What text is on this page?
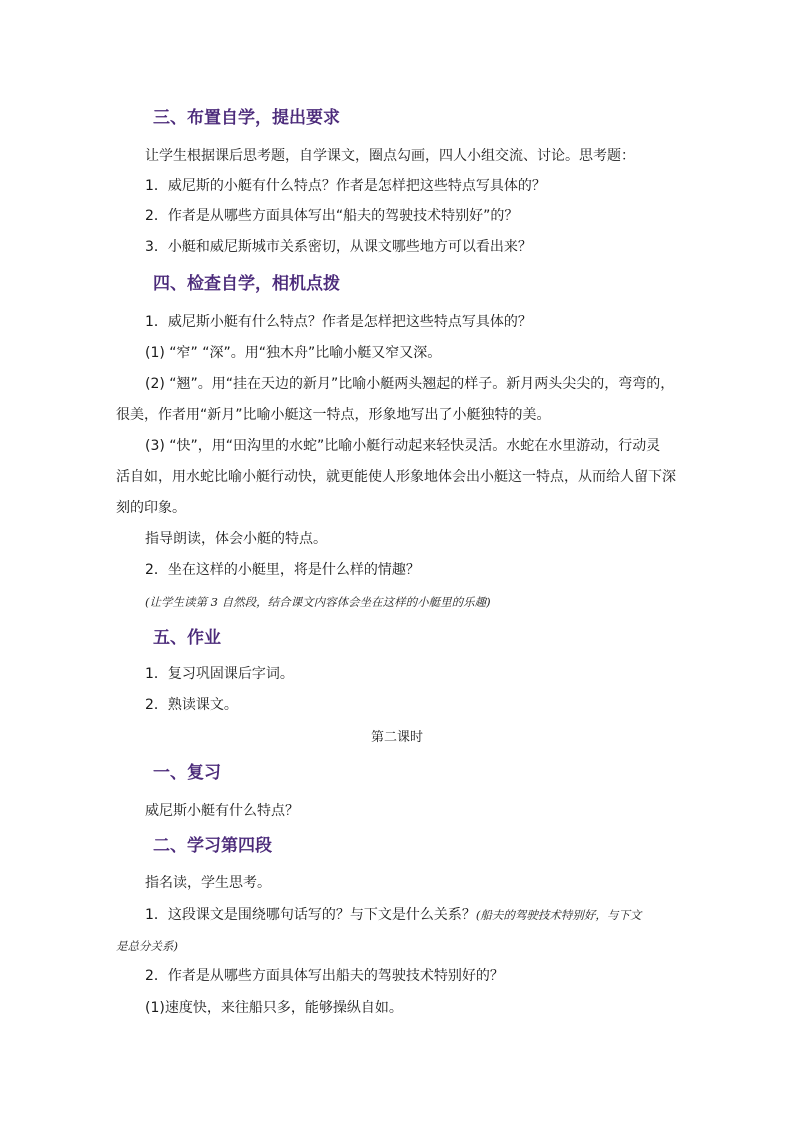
三、布置自学，提出要求
让学生根据课后思考题，自学课文，圈点勾画，四人小组交流、讨论。思考题：
1．威尼斯的小艇有什么特点？作者是怎样把这些特点写具体的？
2．作者是从哪些方面具体写出“船夫的驾驶技术特别好”的？
3．小艇和威尼斯城市关系密切，从课文哪些地方可以看出来？
四、检查自学，相机点拨
1．威尼斯小艇有什么特点？作者是怎样把这些特点写具体的？
(1) “窄” “深”。用“独木舟”比喻小艇又窄又深。
(2) “翘”。用“挂在天边的新月”比喻小艇两头翘起的样子。新月两头尖尖的，弯弯的，
很美，作者用“新月”比喻小艇这一特点，形象地写出了小艇独特的美。
(3) “快”，用“田沟里的水蛇”比喻小艇行动起来轻快灵活。水蛇在水里游动，行动灵
活自如，用水蛇比喻小艇行动快，就更能使人形象地体会出小艇这一特点，从而给人留下深
刻的印象。
指导朗读，体会小艇的特点。
2．坐在这样的小艇里，将是什么样的情趣？
(让学生读第 3 自然段，结合课文内容体会坐在这样的小艇里的乐趣)
五、作业
1．复习巩固课后字词。
2．熟读课文。
第二课时
一、复习
威尼斯小艇有什么特点？
二、学习第四段
指名读，学生思考。
1．这段课文是围绕哪句话写的？与下文是什么关系？(船夫的驾驶技术特别好，与下文
是总分关系)
2．作者是从哪些方面具体写出船夫的驾驶技术特别好的？
(1)速度快，来往船只多，能够操纵自如。
